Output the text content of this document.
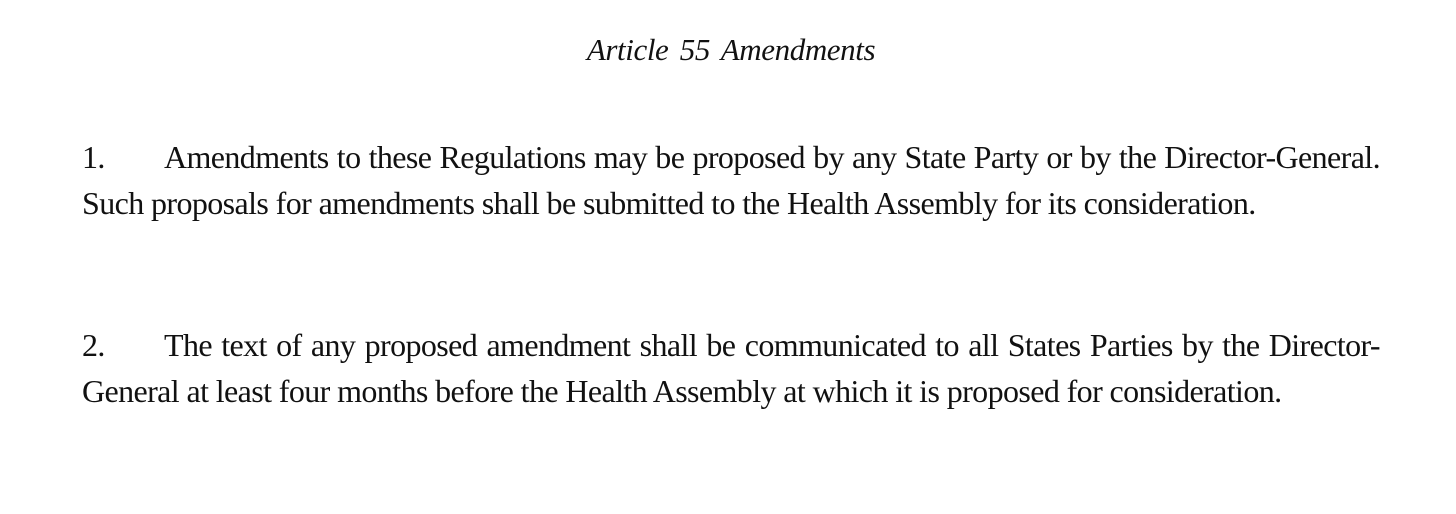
Article 55 Amendments

1. Amendments to these Regulations may be proposed by any State Party or by the Director-General. Such proposals for amendments shall be submitted to the Health Assembly for its consideration.

2. The text of any proposed amendment shall be communicated to all States Parties by the Director-General at least four months before the Health Assembly at which it is proposed for consideration.
